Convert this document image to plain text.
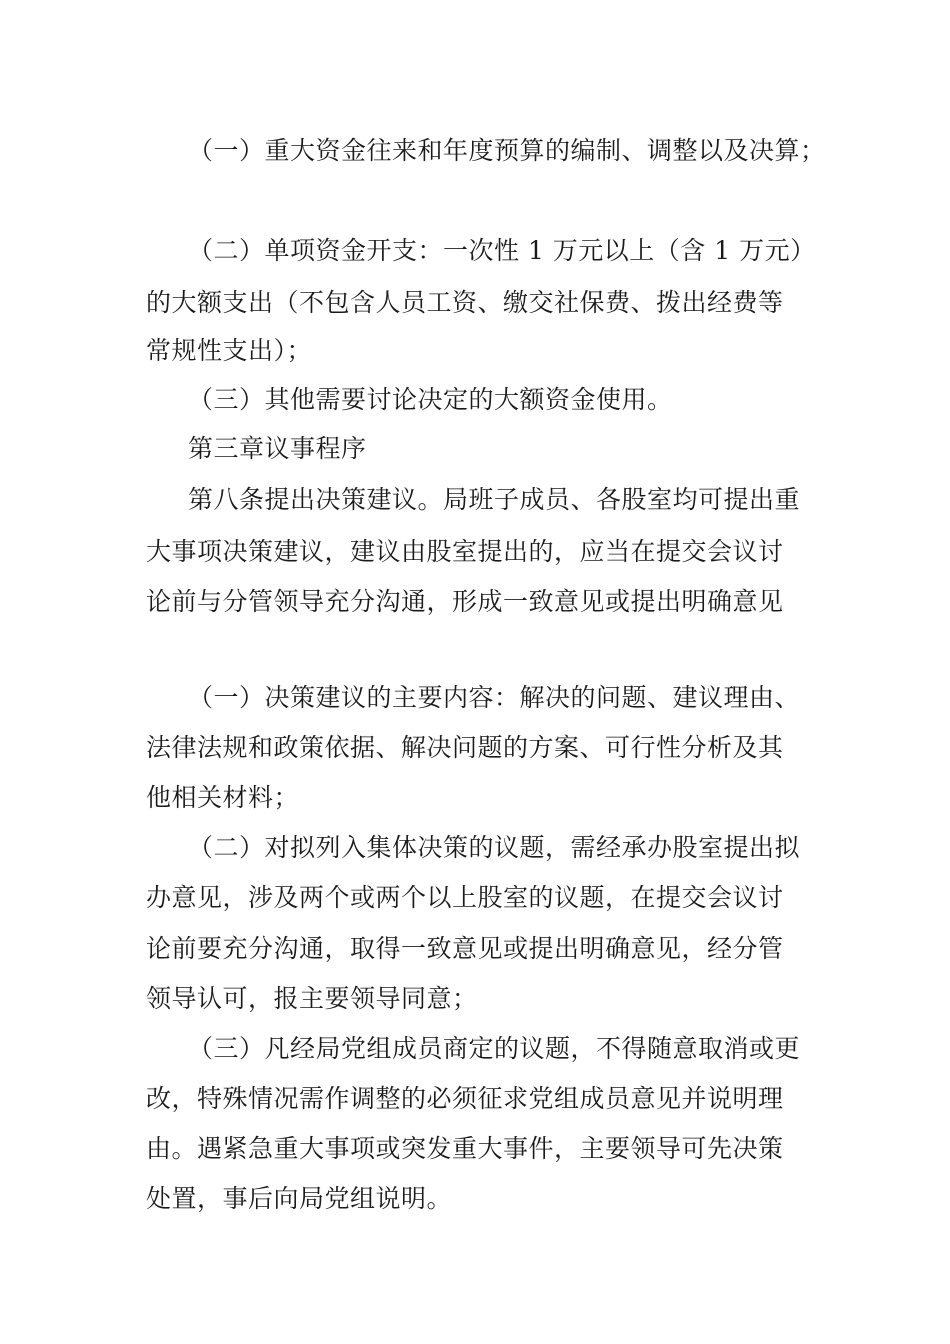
（一）重大资金往来和年度预算的编制、调整以及决算；
（二）单项资金开支：一次性 1 万元以上（含 1 万元）
的大额支出（不包含人员工资、缴交社保费、拨出经费等
常规性支出）；
（三）其他需要讨论决定的大额资金使用。
第三章议事程序
第八条提出决策建议。局班子成员、各股室均可提出重
大事项决策建议，建议由股室提出的，应当在提交会议讨
论前与分管领导充分沟通，形成一致意见或提出明确意见
（一）决策建议的主要内容：解决的问题、建议理由、
法律法规和政策依据、解决问题的方案、可行性分析及其
他相关材料；
（二）对拟列入集体决策的议题，需经承办股室提出拟
办意见，涉及两个或两个以上股室的议题，在提交会议讨
论前要充分沟通，取得一致意见或提出明确意见，经分管
领导认可，报主要领导同意；
（三）凡经局党组成员商定的议题，不得随意取消或更
改，特殊情况需作调整的必须征求党组成员意见并说明理
由。遇紧急重大事项或突发重大事件，主要领导可先决策
处置，事后向局党组说明。
